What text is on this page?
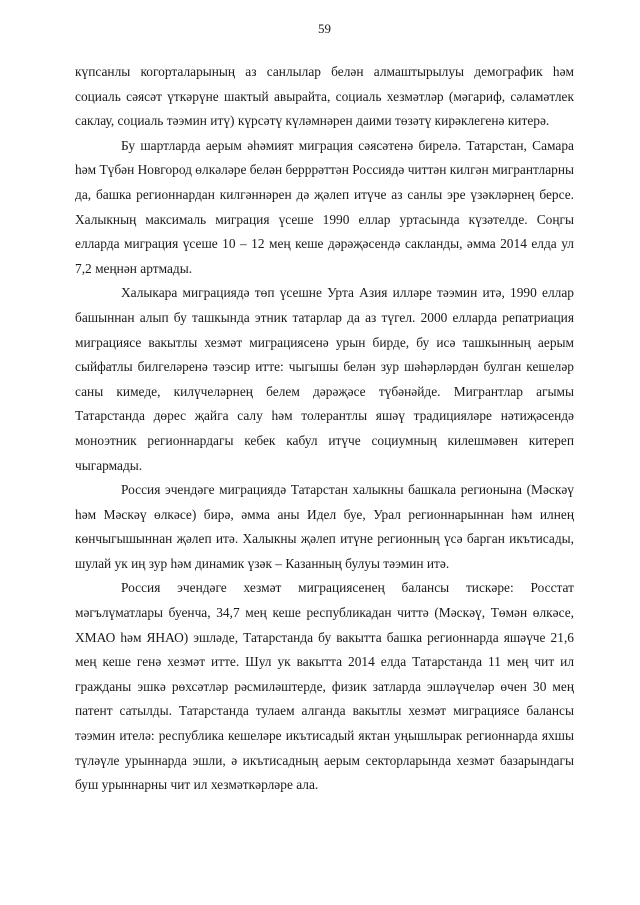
59

күпсанлы когорталарының аз санлылар белән алмаштырылуы демографик һәм социаль сәясәт үткәрүне шактый авырайта, социаль хезмәтләр (мәгариф, сәламәтлек саклау, социаль тәэмин итү) күрсәтү күләмнәрен даими төзәтү кирәклегенә китерә.

Бу шартларда аерым әһәмият миграция сәясәтенә бирелә. Татарстан, Самара һәм Түбән Новгород өлкәләре белән берррәттән Россиядә читтән килгән мигрантларны да, башка регионнардан килгәннәрен дә җәлеп итүче аз санлы эре үзәкләрнең берсе. Халыкның максималь миграция үсеше 1990 еллар уртасында күзәтелде. Соңгы елларда миграция үсеше 10 – 12 мең кеше дәрәҗәсендә сакланды, әмма 2014 елда ул 7,2 меңнән артмады.

Халыкара миграциядә төп үсешне Урта Азия илләре тәэмин итә, 1990 еллар башыннан алып бу ташкында этник татарлар да аз түгел. 2000 елларда репатриация миграциясе вакытлы хезмәт миграциясенә урын бирде, бу исә ташкынның аерым сыйфатлы билгеләренә тәэсир итте: чыгышы белән зур шәһәрләрдән булган кешеләр саны кимеде, килүчеләрнең белем дәрәҗәсе түбәнәйде. Мигрантлар агымы Татарстанда дөрес җайга салу һәм толерантлы яшәү традицияләре нәтиҗәсендә моноэтник регионнардагы кебек кабул итүче социумның килешмәвен китереп чыгармады.

Россия эчендәге миграциядә Татарстан халыкны башкала регионына (Мәскәү һәм Мәскәү өлкәсе) бирә, әмма аны Идел буе, Урал регионнарыннан һәм илнең көнчыгышыннан җәлеп итә. Халыкны җәлеп итүне регионның үсә барган икътисады, шулай ук иң зур һәм динамик үзәк – Казанның булуы тәэмин итә.

Россия эчендәге хезмәт миграциясенең балансы тискәре: Росстат мәгълүматлары буенча, 34,7 мең кеше республикадан читтә (Мәскәү, Төмән өлкәсе, ХМАО һәм ЯНАО) эшләде, Татарстанда бу вакытта башка регионнарда яшәүче 21,6 мең кеше генә хезмәт итте. Шул ук вакытта 2014 елда Татарстанда 11 мең чит ил гражданы эшкә рөхсәтләр рәсмиләштерде, физик затларда эшләүчеләр өчен 30 мең патент сатылды. Татарстанда тулаем алганда вакытлы хезмәт миграциясе балансы тәэмин ителә: республика кешеләре икътисадый яктан уңышлырак регионнарда яхшы түләүле урыннарда эшли, ә икътисадның аерым секторларында хезмәт базарындагы буш урыннарны чит ил хезмәткәрләре ала.
